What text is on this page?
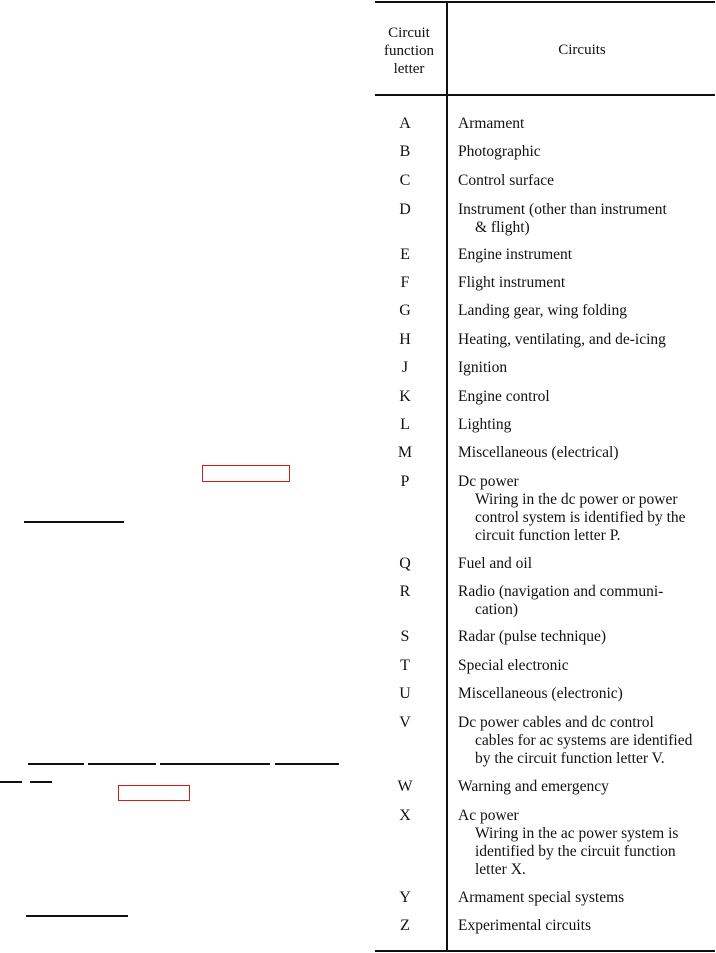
Circuit
function
letter
Circuits
A	Armament
B	Photographic
C	Control surface
D	Instrument (other than instrument
& flight)
E	Engine instrument
F	Flight instrument
G	Landing gear, wing folding
H	Heating, ventilating, and de-icing
J	Ignition
K	Engine control
L	Lighting
M	Miscellaneous (electrical)
P	Dc power
Wiring in the dc power or power
control system is identified by the
circuit function letter P.
Q	Fuel and oil
R	Radio (navigation and communi-
cation)
S	Radar (pulse technique)
T	Special electronic
U	Miscellaneous (electronic)
V	Dc power cables and dc control
cables for ac systems are identified
by the circuit function letter V.
W	Warning and emergency
X	Ac power
Wiring in the ac power system is
identified by the circuit function
letter X.
Y	Armament special systems
Z	Experimental circuits
